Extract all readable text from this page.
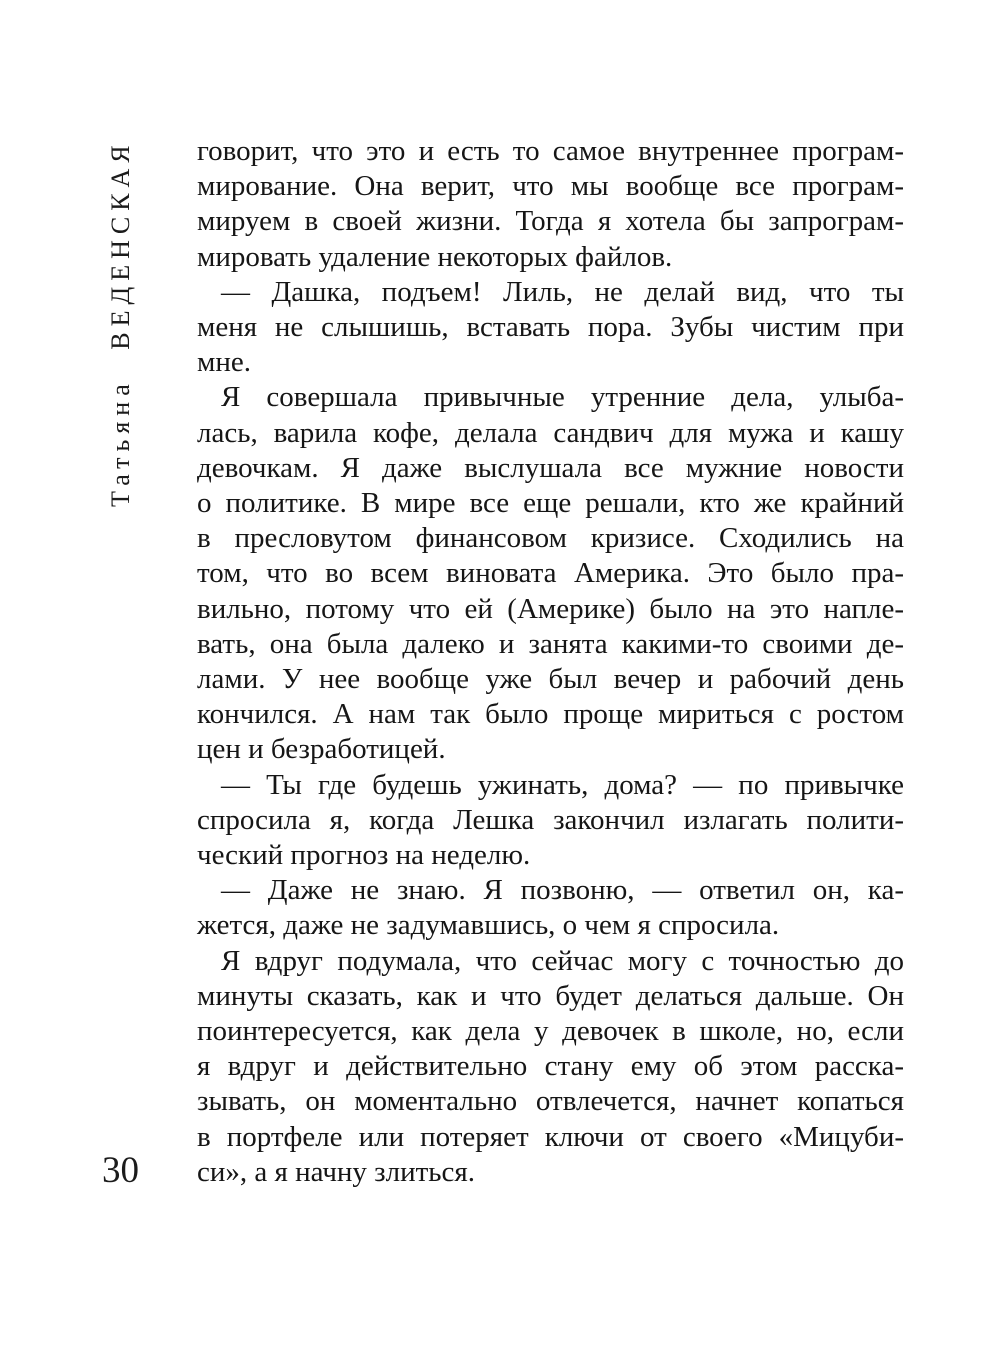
Татьяна ВЕДЕНСКАЯ говорит, что это и есть то самое внутреннее програм-
мирование. Она верит, что мы вообще все програм-
мируем в своей жизни. Тогда я хотела бы запрограм-
мировать удаление некоторых файлов.
— Дашка, подъем! Лиль, не делай вид, что ты
меня не слышишь, вставать пора. Зубы чистим при
мне.
Я совершала привычные утренние дела, улыба-
лась, варила кофе, делала сандвич для мужа и кашу
девочкам. Я даже выслушала все мужние новости
о политике. В мире все еще решали, кто же крайний
в пресловутом финансовом кризисе. Сходились на
том, что во всем виновата Америка. Это было пра-
вильно, потому что ей (Америке) было на это напле-
вать, она была далеко и занята какими-то своими де-
лами. У нее вообще уже был вечер и рабочий день
кончился. А нам так было проще мириться с ростом
цен и безработицей.
— Ты где будешь ужинать, дома? — по привычке
спросила я, когда Лешка закончил излагать полити-
ческий прогноз на неделю.
— Даже не знаю. Я позвоню, — ответил он, ка-
жется, даже не задумавшись, о чем я спросила.
Я вдруг подумала, что сейчас могу с точностью до
минуты сказать, как и что будет делаться дальше. Он
поинтересуется, как дела у девочек в школе, но, если
я вдруг и действительно стану ему об этом расска-
зывать, он моментально отвлечется, начнет копаться
в портфеле или потеряет ключи от своего «Мицуби-
си», а я начну злиться.
30
